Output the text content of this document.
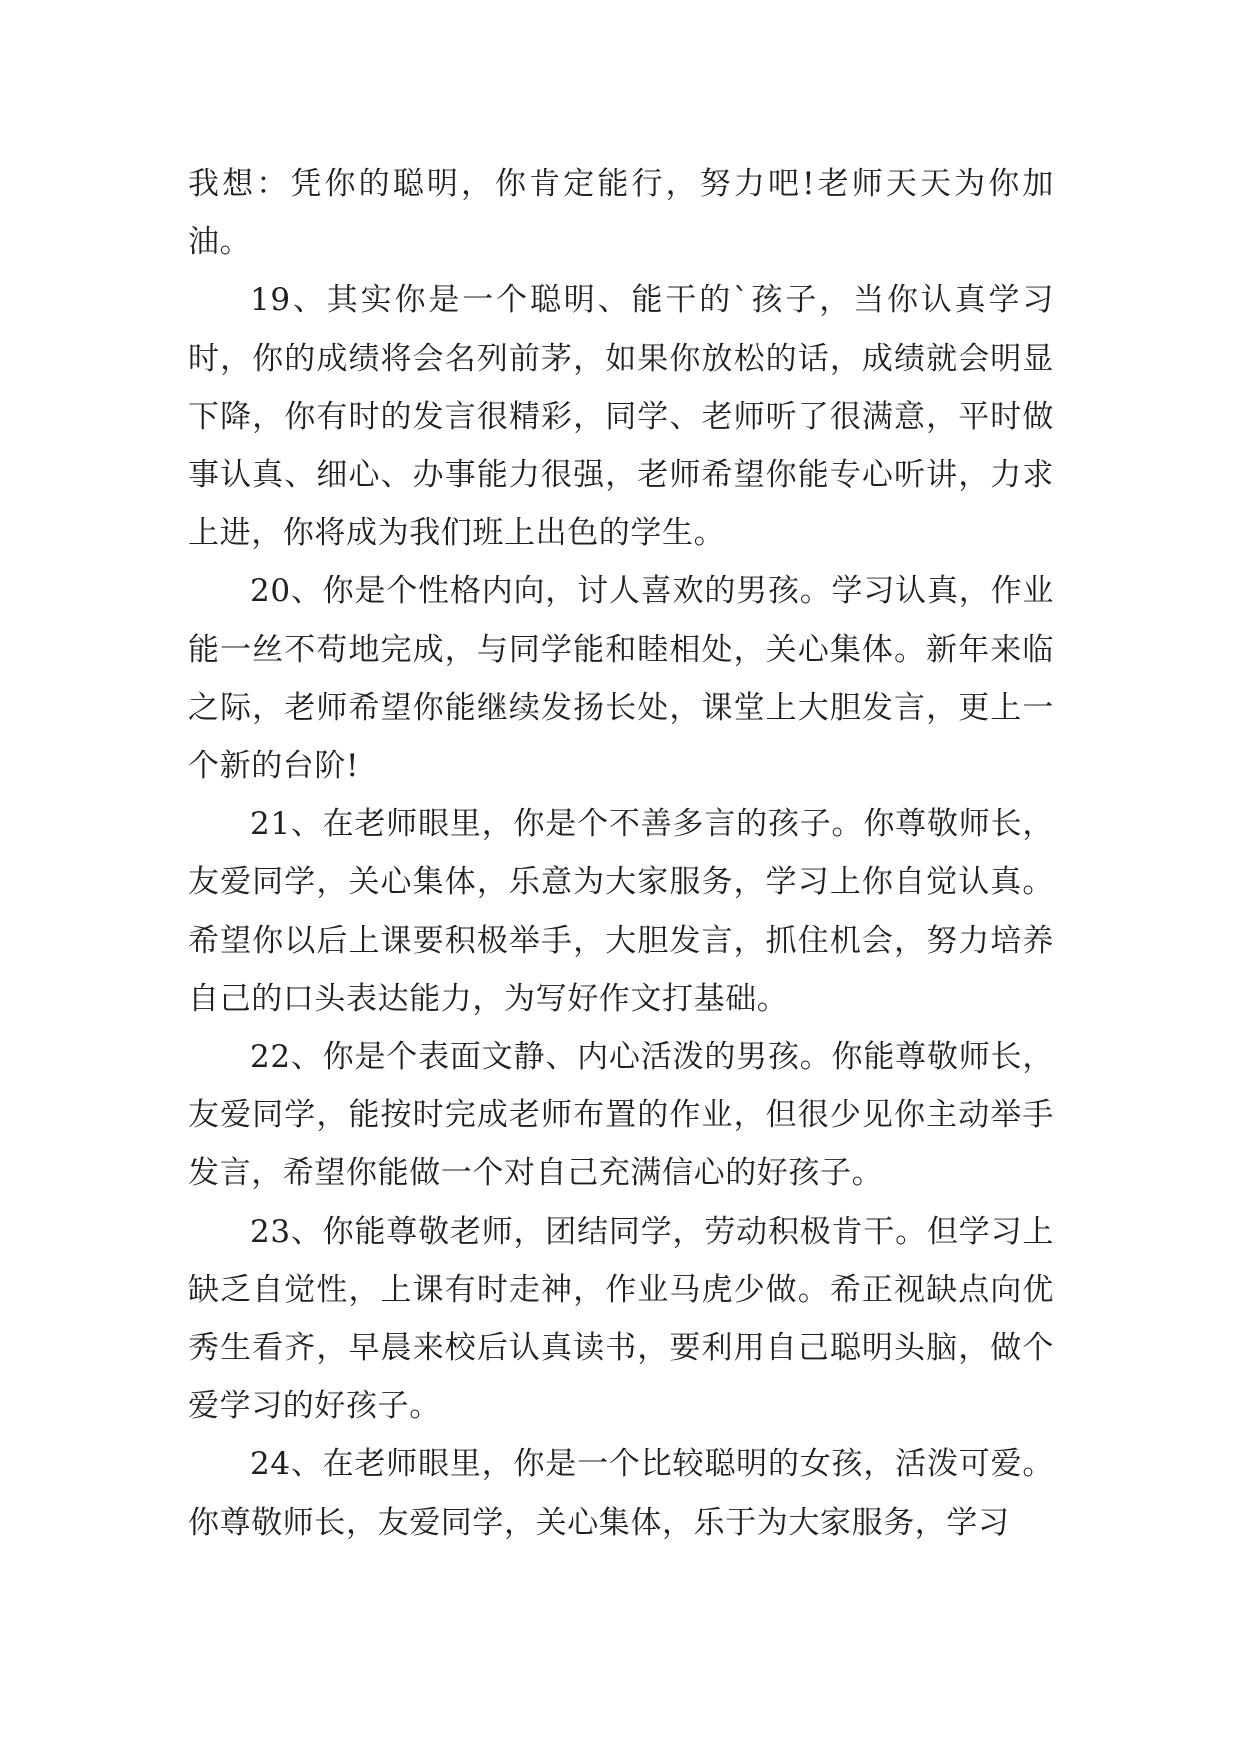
我想：凭你的聪明，你肯定能行，努力吧!老师天天为你加油。

19、其实你是一个聪明、能干的`孩子，当你认真学习时，你的成绩将会名列前茅，如果你放松的话，成绩就会明显下降，你有时的发言很精彩，同学、老师听了很满意，平时做事认真、细心、办事能力很强，老师希望你能专心听讲，力求上进，你将成为我们班上出色的学生。

20、你是个性格内向，讨人喜欢的男孩。学习认真，作业能一丝不苟地完成，与同学能和睦相处，关心集体。新年来临之际，老师希望你能继续发扬长处，课堂上大胆发言，更上一个新的台阶!

21、在老师眼里，你是个不善多言的孩子。你尊敬师长，友爱同学，关心集体，乐意为大家服务，学习上你自觉认真。希望你以后上课要积极举手，大胆发言，抓住机会，努力培养自己的口头表达能力，为写好作文打基础。

22、你是个表面文静、内心活泼的男孩。你能尊敬师长，友爱同学，能按时完成老师布置的作业，但很少见你主动举手发言，希望你能做一个对自己充满信心的好孩子。

23、你能尊敬老师，团结同学，劳动积极肯干。但学习上缺乏自觉性，上课有时走神，作业马虎少做。希正视缺点向优秀生看齐，早晨来校后认真读书，要利用自己聪明头脑，做个爱学习的好孩子。

24、在老师眼里，你是一个比较聪明的女孩，活泼可爱。你尊敬师长，友爱同学，关心集体，乐于为大家服务，学习
